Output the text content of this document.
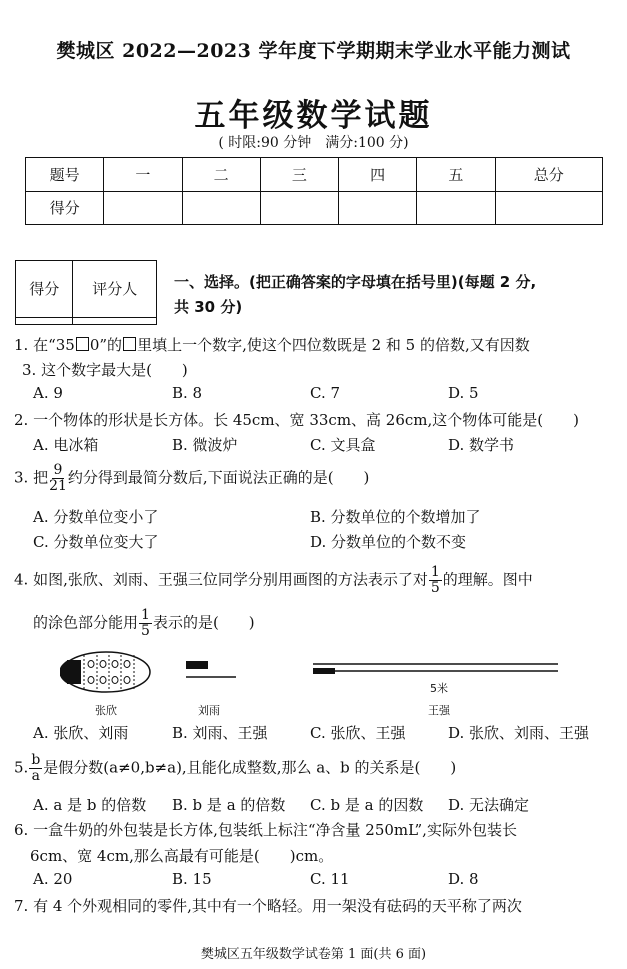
樊城区 2022—2023 学年度下学期期末学业水平能力测试
五年级数学试题
( 时限:90 分钟　满分:100 分)
题号	一	二	三	四	五	总分
得分						
得分	评分人
	一、选择。(把正确答案的字母填在括号里)(每题 2 分,
共 30 分)
1. 在“35 0”的 里填上一个数字,使这个四位数既是 2 和 5 的倍数,又有因数
3. 这个数字最大是(　　)
A. 9	B. 8	C. 7	D. 5
2. 一个物体的形状是长方体。长 45cm、宽 33cm、高 26cm,这个物体可能是(　　)
A. 电冰箱	B. 微波炉	C. 文具盒	D. 数学书
3. 把 $\frac{9}{21}$ 约分得到最简分数后,下面说法正确的是(　　)
A. 分数单位变小了	B. 分数单位的个数增加了
C. 分数单位变大了	D. 分数单位的个数不变
4. 如图,张欣、刘雨、王强三位同学分别用画图的方法表示了对 $\frac{1}{5}$ 的理解。图中
的涂色部分能用 $\frac{1}{5}$ 表示的是(　　)
张欣	刘雨
5米
王强
A. 张欣、刘雨	B. 刘雨、王强	C. 张欣、王强	D. 张欣、刘雨、王强
5. $\frac{b}{a}$ 是假分数(a≠0,b≠a),且能化成整数,那么 a、b 的关系是(　　)
A. a 是 b 的倍数 B. b 是 a 的倍数 C. b 是 a 的因数 D. 无法确定
6. 一盒牛奶的外包装是长方体,包装纸上标注“净含量 250mL”,实际外包装长
6cm、宽 4cm,那么高最有可能是(　　)cm。
A. 20	B. 15	C. 11	D. 8
7. 有 4 个外观相同的零件,其中有一个略轻。用一架没有砝码的天平称了两次
樊城区五年级数学试卷第 1 面(共 6 面)
